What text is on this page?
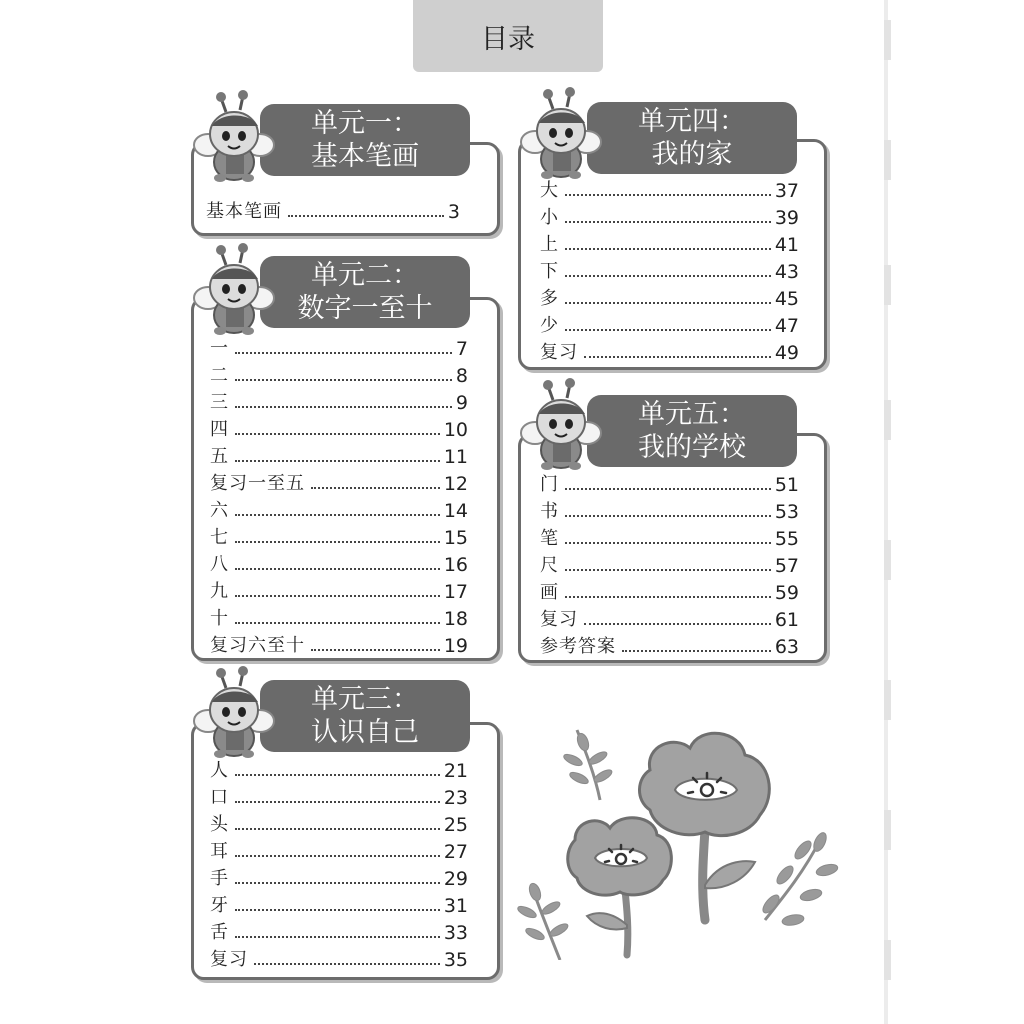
目录
单元一：
基本笔画
基本笔画	3
单元二：
数字一至十
一	7
二	8
三	9
四	10
五	11
复习一至五	12
六	14
七	15
八	16
九	17
十	18
复习六至十	19
单元三：
认识自己
人	21
口	23
头	25
耳	27
手	29
牙	31
舌	33
复习	35
单元四：
我的家
大	37
小	39
上	41
下	43
多	45
少	47
复习	49
单元五：
我的学校
门	51
书	53
笔	55
尺	57
画	59
复习	61
参考答案	63
